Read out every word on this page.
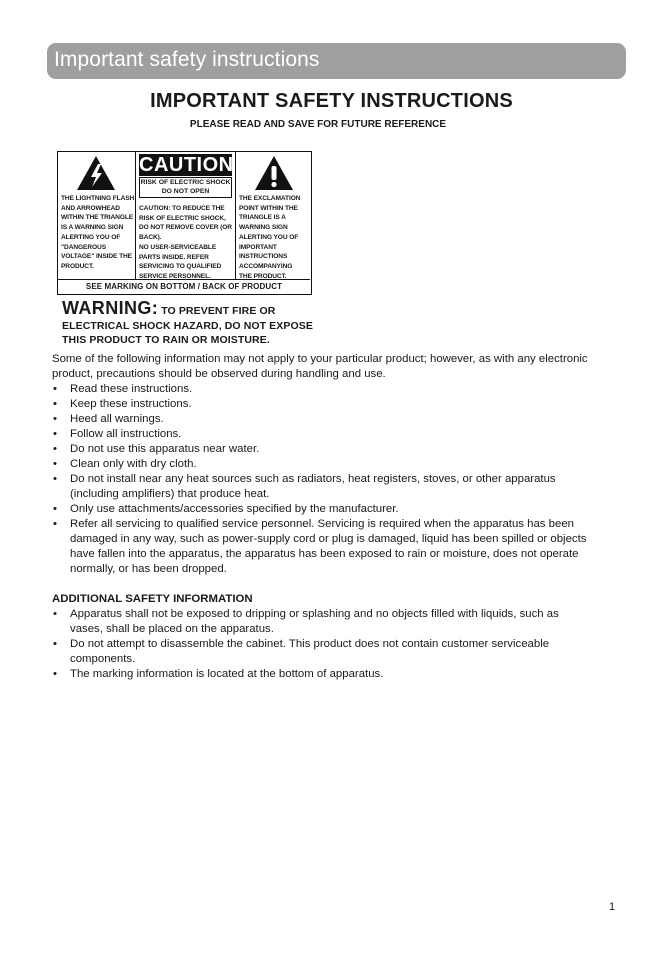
Important safety instructions
IMPORTANT SAFETY INSTRUCTIONS
PLEASE READ AND SAVE FOR FUTURE REFERENCE
THE LIGHTNING FLASH
AND ARROWHEAD
WITHIN THE TRIANGLE
IS A WARNING SIGN
ALERTING YOU OF
"DANGEROUS
VOLTAGE" INSIDE THE
PRODUCT.
CAUTION
RISK OF ELECTRIC SHOCK
DO NOT OPEN
CAUTION: TO REDUCE THE
RISK OF ELECTRIC SHOCK,
DO NOT REMOVE COVER (OR
BACK).
NO USER-SERVICEABLE
PARTS INSIDE. REFER
SERVICING TO QUALIFIED
SERVICE PERSONNEL.
THE EXCLAMATION
POINT WITHIN THE
TRIANGLE IS A
WARNING SIGN
ALERTING YOU OF
IMPORTANT
INSTRUCTIONS
ACCOMPANYING
THE PRODUCT.
SEE MARKING ON BOTTOM / BACK OF PRODUCT
WARNING: TO PREVENT FIRE OR
ELECTRICAL SHOCK HAZARD, DO NOT EXPOSE
THIS PRODUCT TO RAIN OR MOISTURE.

Some of the following information may not apply to your particular product; however, as with any electronic product, precautions should be observed during handling and use.

• Read these instructions.
• Keep these instructions.
• Heed all warnings.
• Follow all instructions.
• Do not use this apparatus near water.
• Clean only with dry cloth.
• Do not install near any heat sources such as radiators, heat registers, stoves, or other apparatus (including amplifiers) that produce heat.
• Only use attachments/accessories specified by the manufacturer.
• Refer all servicing to qualified service personnel. Servicing is required when the apparatus has been damaged in any way, such as power-supply cord or plug is damaged, liquid has been spilled or objects have fallen into the apparatus, the apparatus has been exposed to rain or moisture, does not operate normally, or has been dropped.
ADDITIONAL SAFETY INFORMATION
• Apparatus shall not be exposed to dripping or splashing and no objects filled with liquids, such as vases, shall be placed on the apparatus.
• Do not attempt to disassemble the cabinet. This product does not contain customer serviceable components.
• The marking information is located at the bottom of apparatus.
1
